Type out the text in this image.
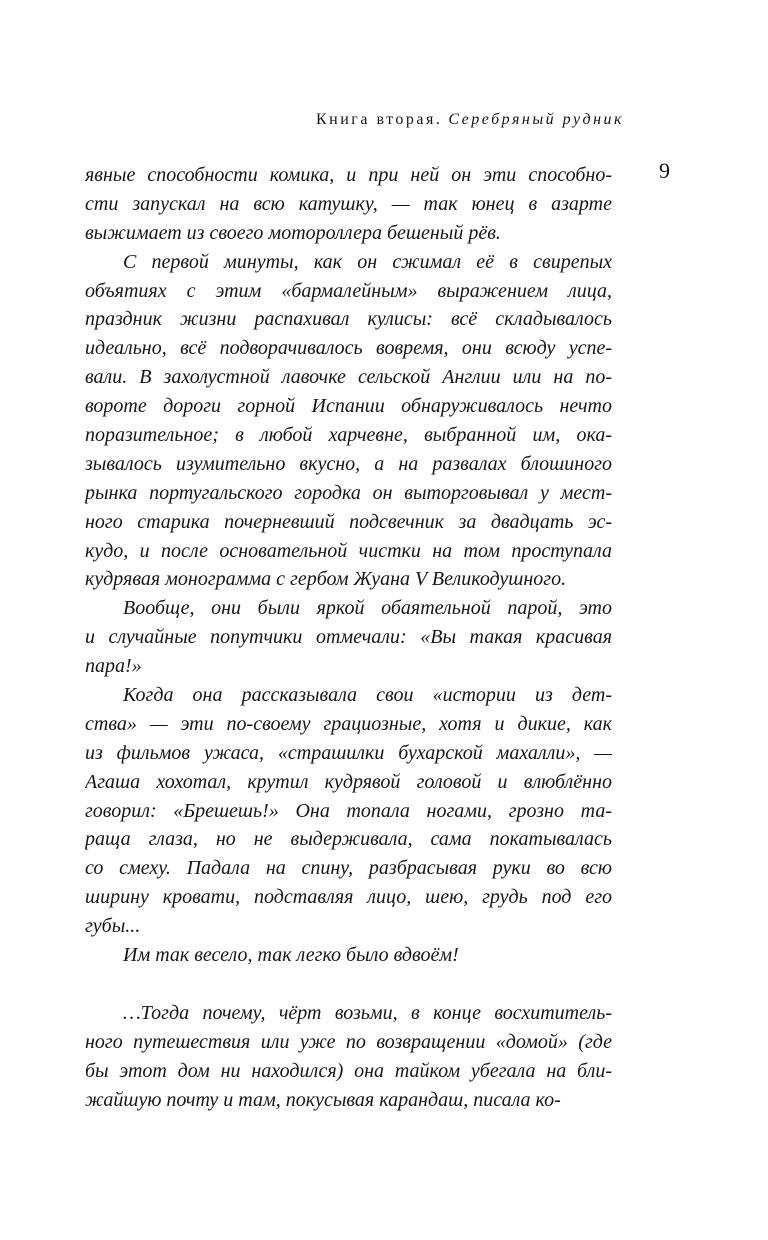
Книга вторая. Серебряный рудник
9
явные способности комика, и при ней он эти способно-
сти запускал на всю катушку, — так юнец в азарте
выжимает из своего мотороллера бешеный рёв.
С первой минуты, как он сжимал её в свирепых
объятиях с этим «бармалейным» выражением лица,
праздник жизни распахивал кулисы: всё складывалось
идеально, всё подворачивалось вовремя, они всюду успе-
вали. В захолустной лавочке сельской Англии или на по-
вороте дороги горной Испании обнаруживалось нечто
поразительное; в любой харчевне, выбранной им, ока-
зывалось изумительно вкусно, а на развалах блошиного
рынка португальского городка он выторговывал у мест-
ного старика почерневший подсвечник за двадцать эс-
кудо, и после основательной чистки на том проступала
кудрявая монограмма с гербом Жуана V Великодушного.
Вообще, они были яркой обаятельной парой, это
и случайные попутчики отмечали: «Вы такая красивая
пара!»
Когда она рассказывала свои «истории из дет-
ства» — эти по-своему грациозные, хотя и дикие, как
из фильмов ужаса, «страшилки бухарской махалли», —
Агаша хохотал, крутил кудрявой головой и влюблённо
говорил: «Брешешь!» Она топала ногами, грозно та-
раща глаза, но не выдерживала, сама покатывалась
со смеху. Падала на спину, разбрасывая руки во всю
ширину кровати, подставляя лицо, шею, грудь под его
губы...
Им так весело, так легко было вдвоём!
…Тогда почему, чёрт возьми, в конце восхититель-
ного путешествия или уже по возвращении «домой» (где
бы этот дом ни находился) она тайком убегала на бли-
жайшую почту и там, покусывая карандаш, писала ко-
